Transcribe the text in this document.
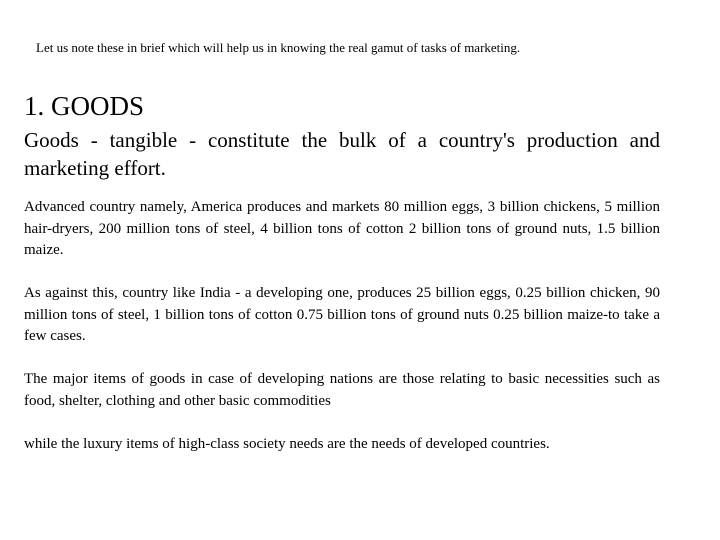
Let us note these in brief which will help us in knowing the real gamut of tasks of marketing.
1. GOODS

Goods - tangible - constitute the bulk of a country's production and marketing effort.

Advanced country namely, America produces and markets 80 million eggs, 3 billion chickens, 5 million hair-dryers, 200 million tons of steel, 4 billion tons of cotton 2 billion tons of ground nuts, 1.5 billion maize.

As against this, country like India - a developing one, produces 25 billion eggs, 0.25 billion chicken, 90 million tons of steel, 1 billion tons of cotton 0.75 billion tons of ground nuts 0.25 billion maize-to take a few cases.

The major items of goods in case of developing nations are those relating to basic necessities such as food, shelter, clothing and other basic commodities

while the luxury items of high-class society needs are the needs of developed countries.
